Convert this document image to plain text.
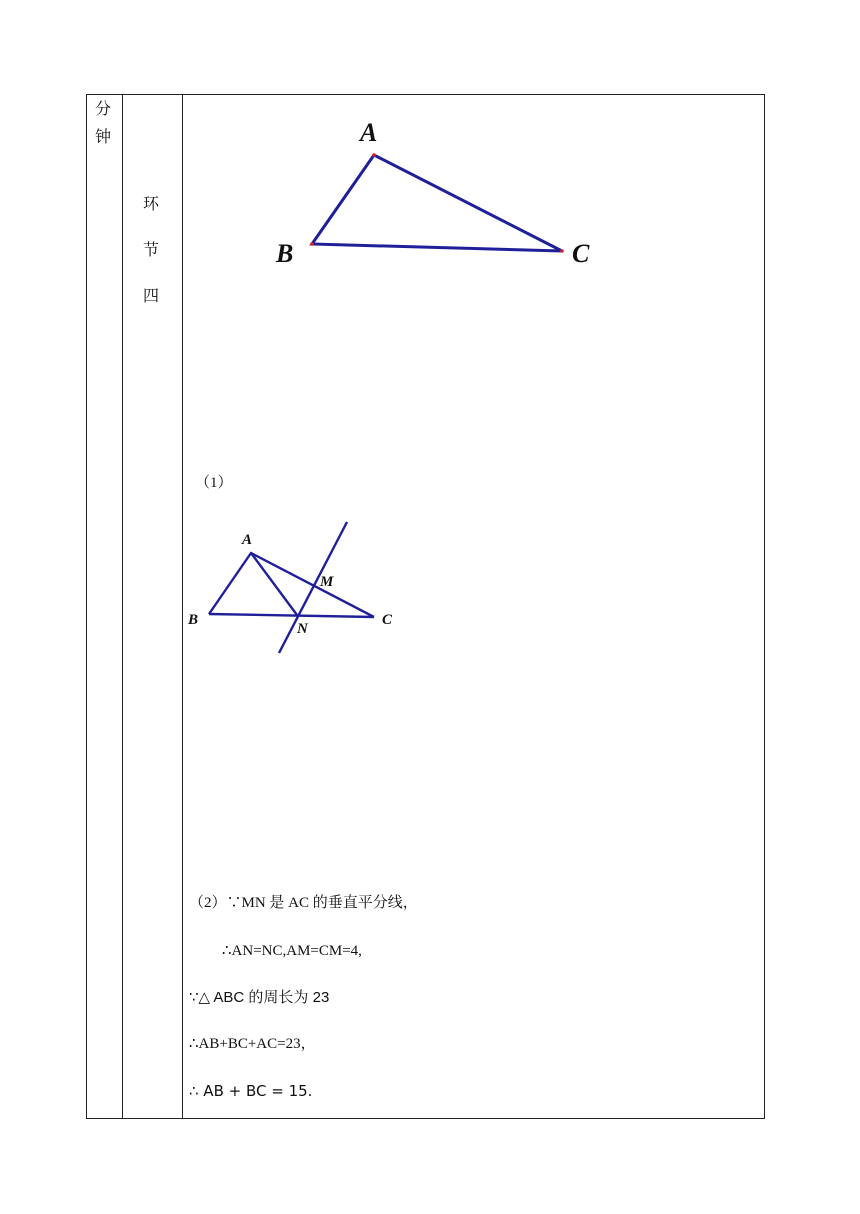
分
钟
环
节
四
A
B	C
（1）
A
B	C
M
N
（2）∵MN 是 AC 的垂直平分线，
∴AN=NC,AM=CM=4,
∵△ ABC 的周长为 23
∴AB+BC+AC=23，
∴ AB + BC = 15.
